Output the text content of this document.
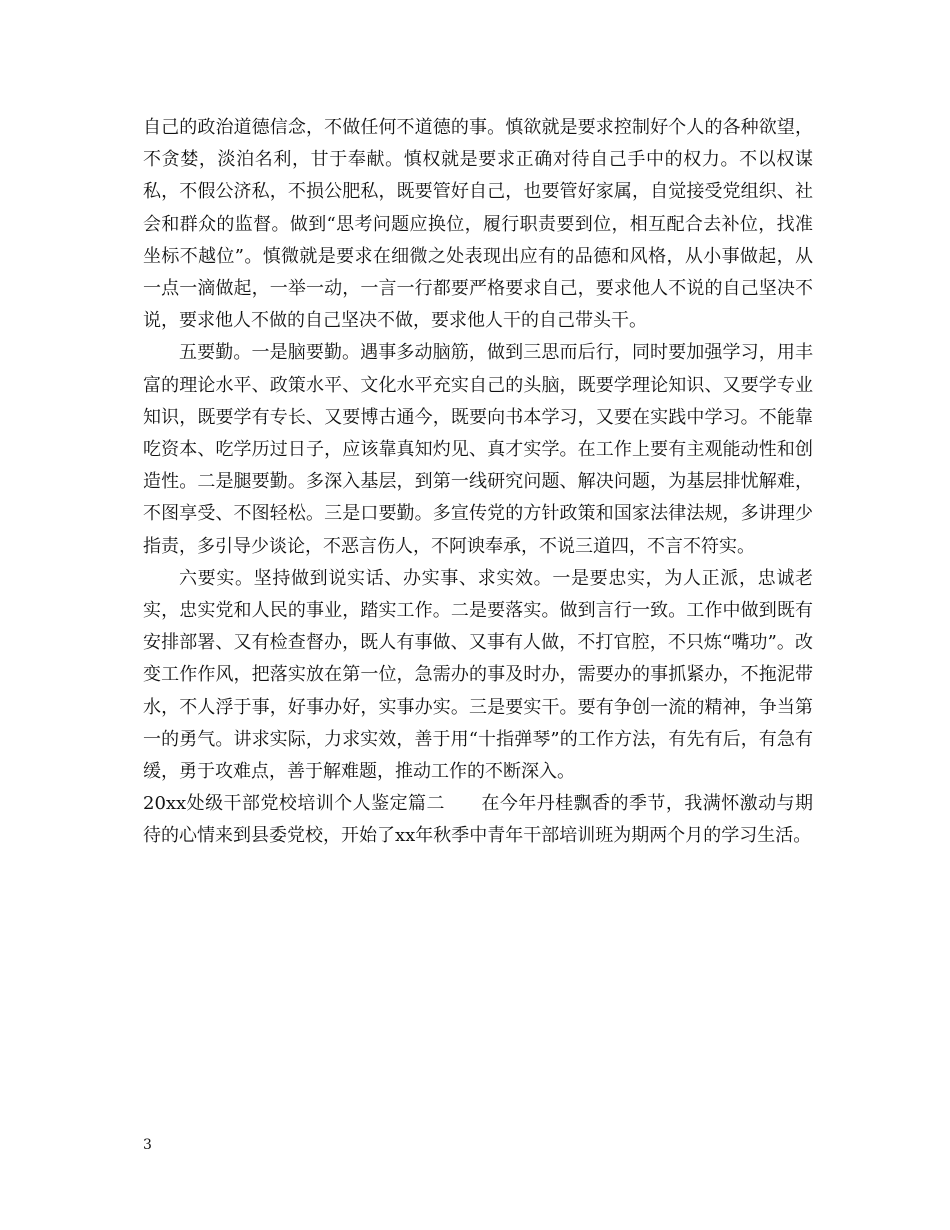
自己的政治道德信念，不做任何不道德的事。慎欲就是要求控制好个人的各种欲望，不贪婪，淡泊名利，甘于奉献。慎权就是要求正确对待自己手中的权力。不以权谋私，不假公济私，不损公肥私，既要管好自己，也要管好家属，自觉接受党组织、社会和群众的监督。做到“思考问题应换位，履行职责要到位，相互配合去补位，找准坐标不越位”。慎微就是要求在细微之处表现出应有的品德和风格，从小事做起，从一点一滴做起，一举一动，一言一行都要严格要求自己，要求他人不说的自己坚决不说，要求他人不做的自己坚决不做，要求他人干的自己带头干。

五要勤。一是脑要勤。遇事多动脑筋，做到三思而后行，同时要加强学习，用丰富的理论水平、政策水平、文化水平充实自己的头脑，既要学理论知识、又要学专业知识，既要学有专长、又要博古通今，既要向书本学习，又要在实践中学习。不能靠吃资本、吃学历过日子，应该靠真知灼见、真才实学。在工作上要有主观能动性和创造性。二是腿要勤。多深入基层，到第一线研究问题、解决问题，为基层排忧解难，不图享受、不图轻松。三是口要勤。多宣传党的方针政策和国家法律法规，多讲理少指责，多引导少谈论，不恶言伤人，不阿谀奉承，不说三道四，不言不符实。

六要实。坚持做到说实话、办实事、求实效。一是要忠实，为人正派，忠诚老实，忠实党和人民的事业，踏实工作。二是要落实。做到言行一致。工作中做到既有安排部署、又有检查督办，既人有事做、又事有人做，不打官腔，不只炼“嘴功”。改变工作作风，把落实放在第一位，急需办的事及时办，需要办的事抓紧办，不拖泥带水，不人浮于事，好事办好，实事办实。三是要实干。要有争创一流的精神，争当第一的勇气。讲求实际，力求实效，善于用“十指弹琴”的工作方法，有先有后，有急有缓，勇于攻难点，善于解难题，推动工作的不断深入。

20xx处级干部党校培训个人鉴定篇二 在今年丹桂飘香的季节，我满怀激动与期待的心情来到县委党校，开始了xx年秋季中青年干部培训班为期两个月的学习生活。

3
